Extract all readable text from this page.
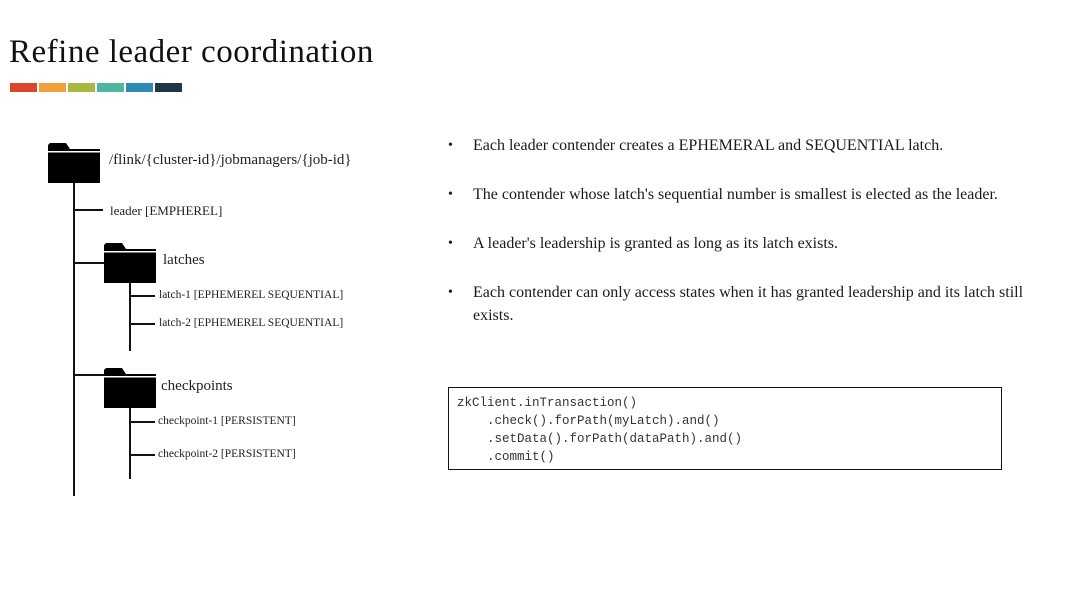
Refine leader coordination
/flink/{cluster-id}/jobmanagers/{job-id}
leader [EMPHEREL]
latches
latch-1 [EPHEMEREL SEQUENTIAL]
latch-2 [EPHEMEREL SEQUENTIAL]
checkpoints
checkpoint-1 [PERSISTENT]
checkpoint-2 [PERSISTENT]
• Each leader contender creates a EPHEMERAL and SEQUENTIAL latch.
• The contender whose latch's sequential number is smallest is elected as the leader.
• A leader's leadership is granted as long as its latch exists.
• Each contender can only access states when it has granted leadership and its latch still exists.
zkClient.inTransaction()
.check().forPath(myLatch).and()
.setData().forPath(dataPath).and()
.commit()
